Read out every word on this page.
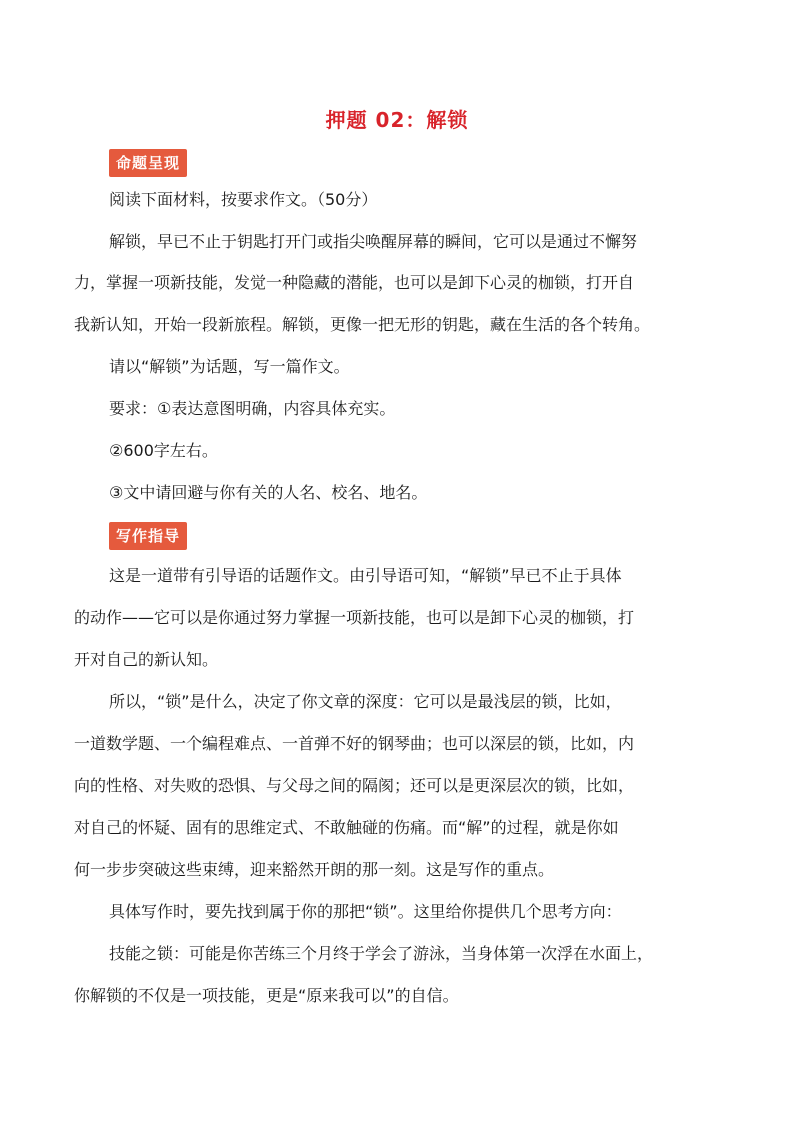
押题 02：解锁
命题呈现
阅读下面材料，按要求作文。（50分）
解锁，早已不止于钥匙打开门或指尖唤醒屏幕的瞬间，它可以是通过不懈努
力，掌握一项新技能，发觉一种隐藏的潜能，也可以是卸下心灵的枷锁，打开自
我新认知，开始一段新旅程。解锁，更像一把无形的钥匙，藏在生活的各个转角。
请以“解锁”为话题，写一篇作文。
要求：①表达意图明确，内容具体充实。
②600字左右。
③文中请回避与你有关的人名、校名、地名。
写作指导
这是一道带有引导语的话题作文。由引导语可知，“解锁”早已不止于具体
的动作——它可以是你通过努力掌握一项新技能，也可以是卸下心灵的枷锁，打
开对自己的新认知。
所以，“锁”是什么，决定了你文章的深度：它可以是最浅层的锁，比如，
一道数学题、一个编程难点、一首弹不好的钢琴曲；也可以深层的锁，比如，内
向的性格、对失败的恐惧、与父母之间的隔阂；还可以是更深层次的锁，比如，
对自己的怀疑、固有的思维定式、不敢触碰的伤痛。而“解”的过程，就是你如
何一步步突破这些束缚，迎来豁然开朗的那一刻。这是写作的重点。
具体写作时，要先找到属于你的那把“锁”。这里给你提供几个思考方向：
技能之锁：可能是你苦练三个月终于学会了游泳，当身体第一次浮在水面上，
你解锁的不仅是一项技能，更是“原来我可以”的自信。
